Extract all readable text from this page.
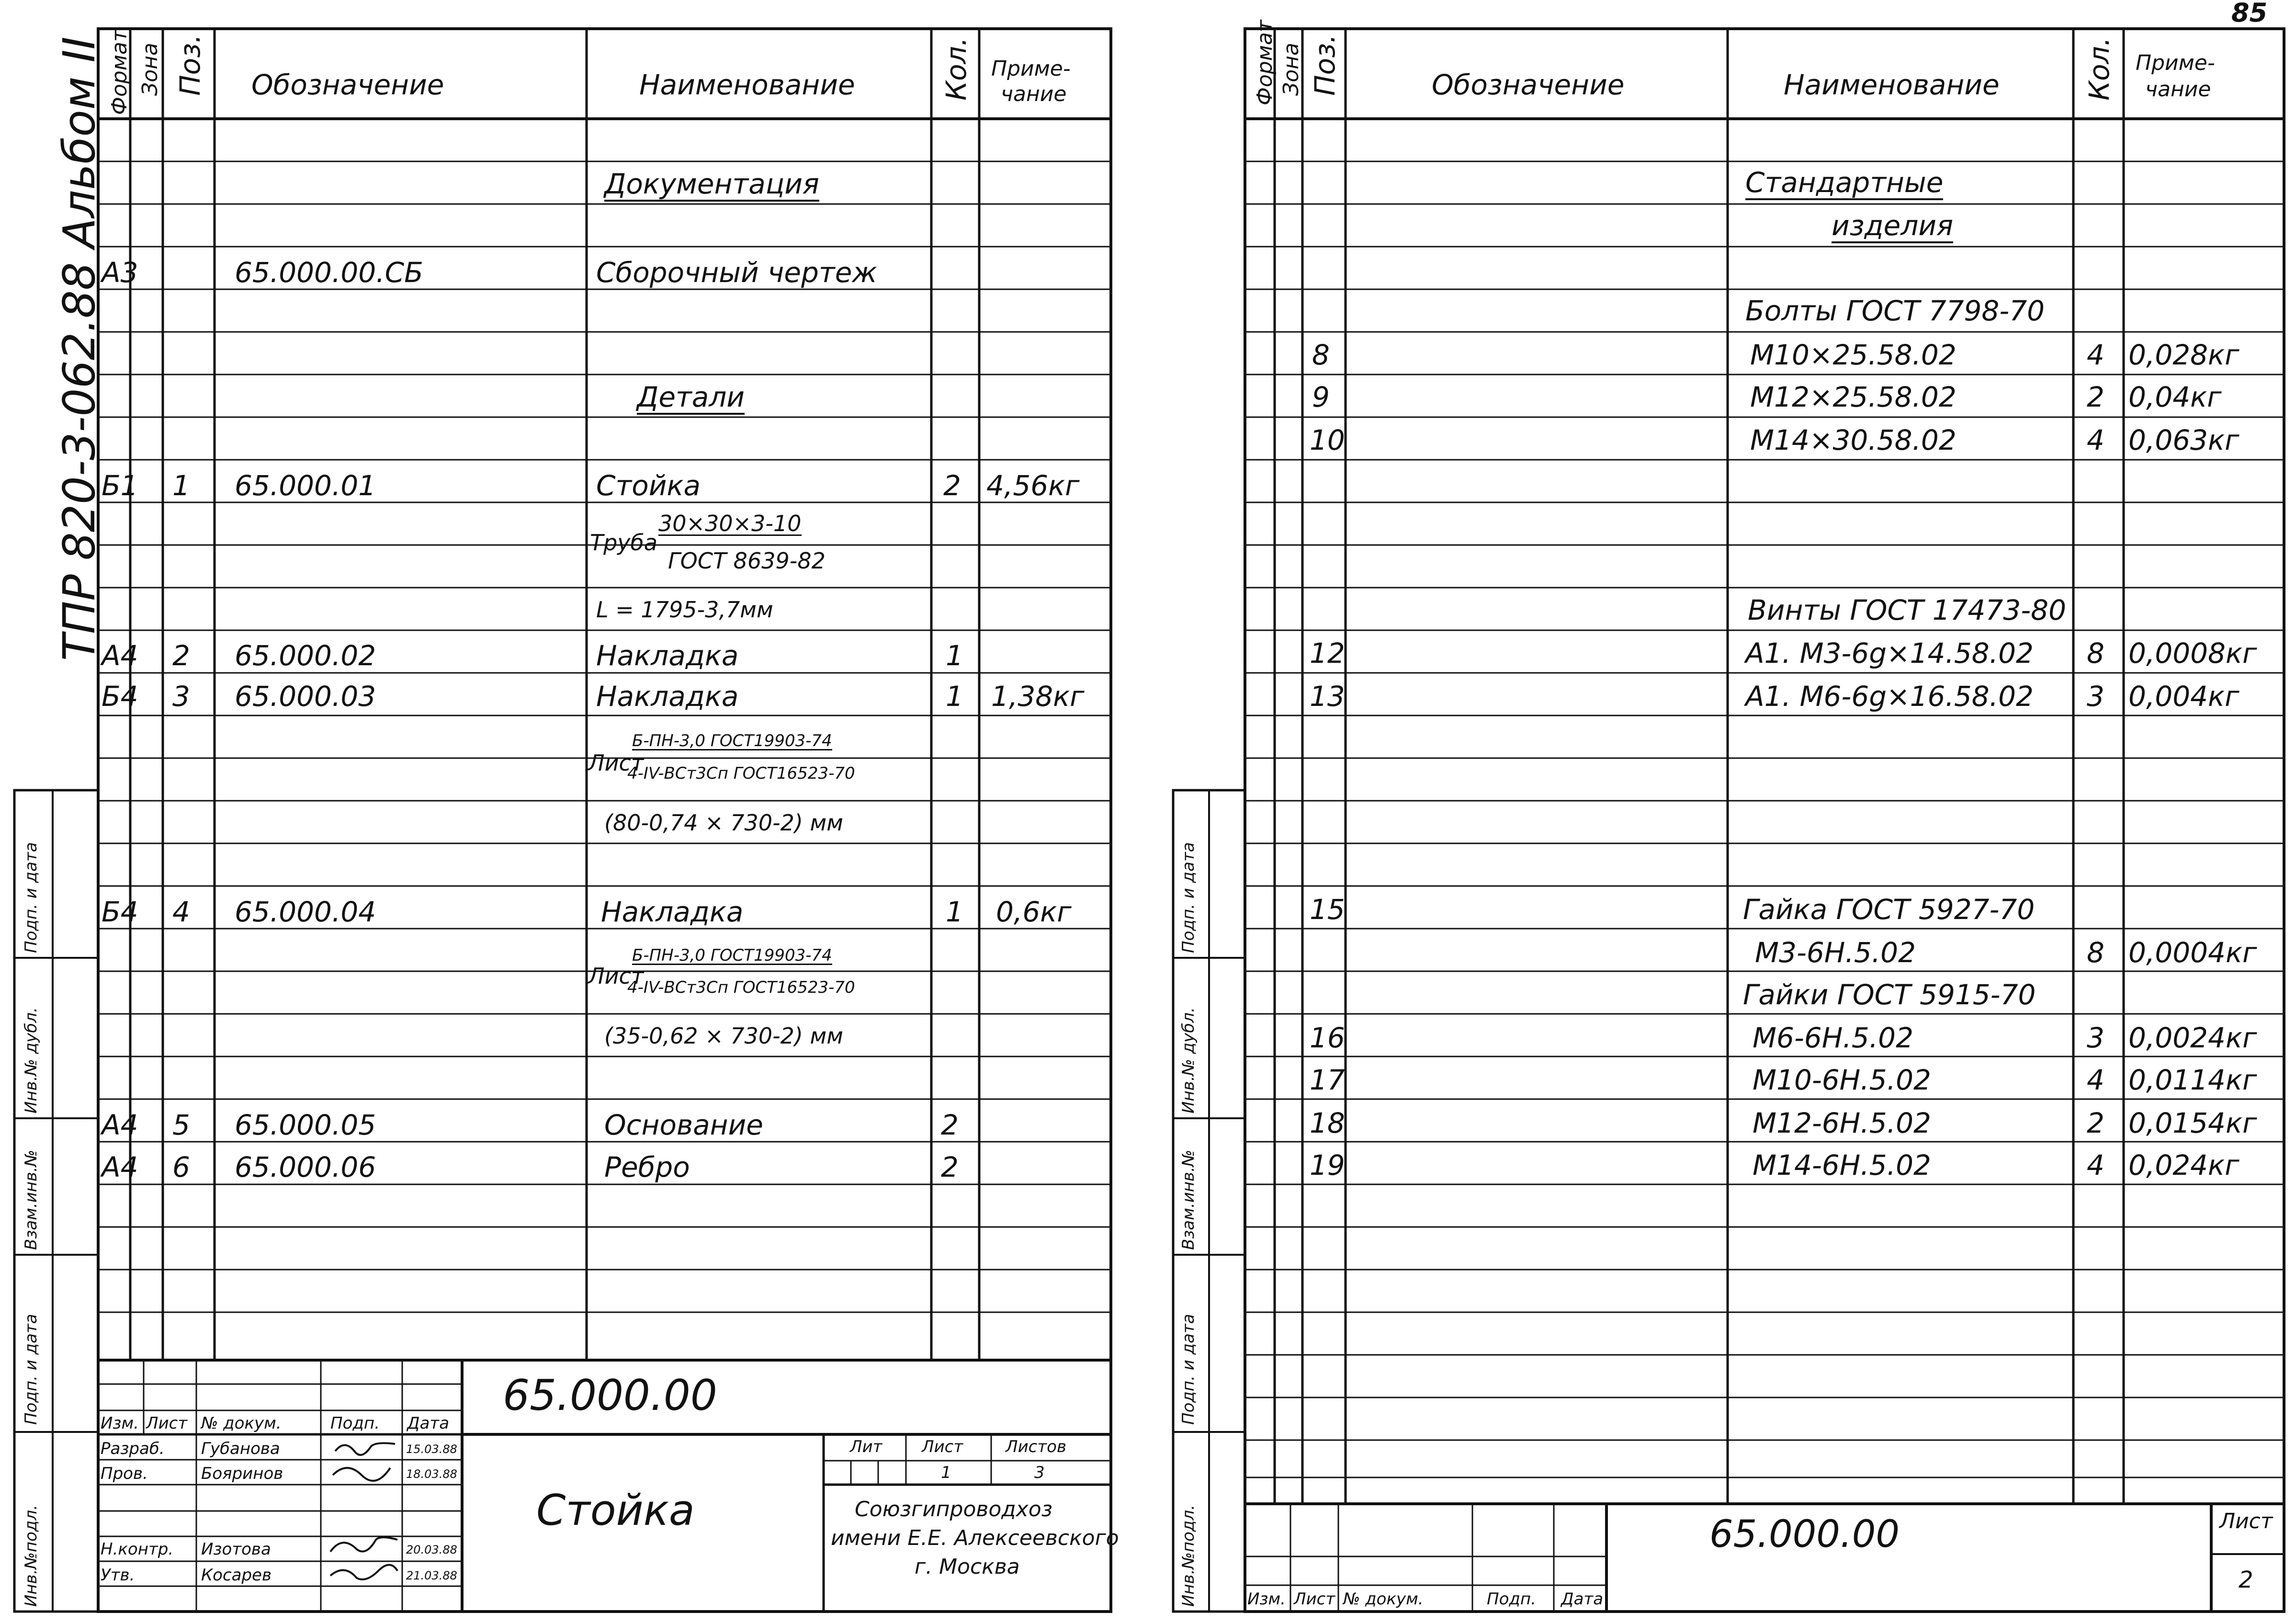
85
Формат Зона Поз. Обозначение	Наименование	Кол. Приме-
чание
ТПР 820-3-062.88 Альбом II	Документация
А3	65.000.00.СБ	Сборочный чертеж
Детали
Б1 1 65.000.01	Стойка	2 4,56кг
Труба
30×30×3-10
ГОСТ 8639-82
L = 1795-3,7мм
А4 2 65.000.02	Накладка	1
Б4 3 65.000.03	Накладка	1 1,38кг
Лист
Б-ПН-3,0 ГОСТ19903-74
4-IV-ВСт3Сп ГОСТ16523-70
(80-0,74 × 730-2) мм
Б4 4 65.000.04	Накладка	1 0,6кг
Лист
Б-ПН-3,0 ГОСТ19903-74
4-IV-ВСт3Сп ГОСТ16523-70
(35-0,62 × 730-2) мм
А4 5 65.000.05	Основание	2
А4 6 65.000.06	Ребро	2
Инв.№подл.
Подп. и дата
Взам.инв.№
Инв.№ дубл.
Подп. и дата
65.000.00
Стойка
Изм. Лист № докум.	Подп. Дата
Разраб. Губанова	15.03.88
Пров.	Бояринов	18.03.88
Н.контр. Изотова	20.03.88
Утв.	Косарев	21.03.88
Лит Лист	Листов
1	3
Союзгипроводхоз
имени Е.Е. Алексеевского
г. Москва
Формат Зона Поз.	Обозначение	Наименование	Кол. Приме-
чание
Стандартные
изделия
Болты ГОСТ 7798-70
8	М10×25.58.02	4 0,028кг
9	М12×25.58.02	2 0,04кг
10	М14×30.58.02	4 0,063кг
Винты ГОСТ 17473-80
12	А1. М3-6g×14.58.02 8 0,0008кг
13	А1. М6-6g×16.58.02 3 0,004кг
15	Гайка ГОСТ 5927-70
М3-6Н.5.02	8 0,0004кг
Гайки ГОСТ 5915-70
16	М6-6Н.5.02	3 0,0024кг
17	М10-6Н.5.02	4 0,0114кг
18	М12-6Н.5.02	2 0,0154кг
19	М14-6Н.5.02	4 0,024кг
Инв.№подл.
Подп. и дата
Взам.инв.№
Инв.№ дубл.
Подп. и дата
Изм. Лист № докум.	Подп. Дата
65.000.00	Лист
2
